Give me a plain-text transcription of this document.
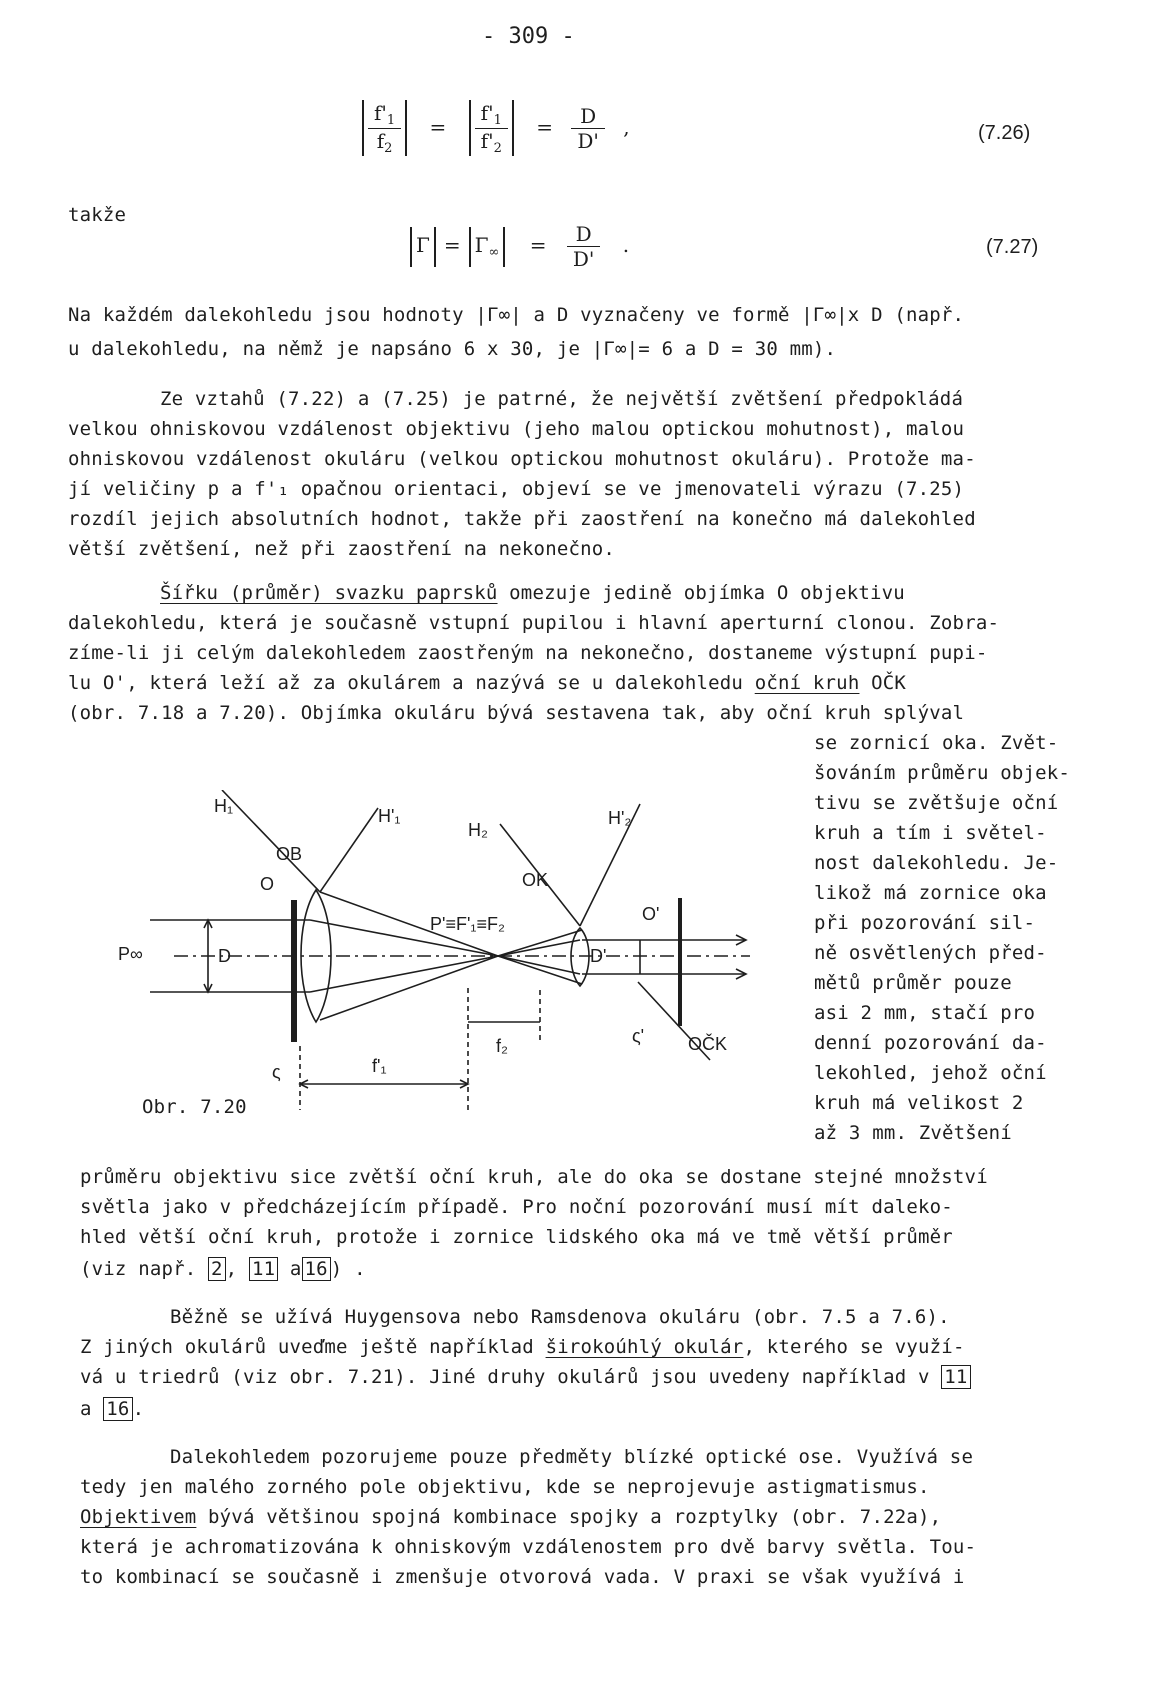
- 309 -
$\frac{f'_1}{f_2} = \frac{f'_1}{f'_2} = \frac{D}{D'}$ ,	(7.26)
takže
$\Gamma = \Gamma_\infty = \frac{D}{D'}$ .	(7.27)
Na každém dalekohledu jsou hodnoty |Γ∞| a D vyznačeny ve formě |Γ∞|x D (např.
u dalekohledu, na němž je napsáno 6 x 30, je |Γ∞|= 6 a D = 30 mm).
Ze vztahů (7.22) a (7.25) je patrné, že největší zvětšení předpokládá
velkou ohniskovou vzdálenost objektivu (jeho malou optickou mohutnost), malou
ohniskovou vzdálenost okuláru (velkou optickou mohutnost okuláru). Protože ma-
jí veličiny p a f'₁ opačnou orientaci, objeví se ve jmenovateli výrazu (7.25)
rozdíl jejich absolutních hodnot, takže při zaostření na konečno má dalekohled
větší zvětšení, než při zaostření na nekonečno.
Šířku (průměr) svazku paprsků omezuje jedině objímka O objektivu
dalekohledu, která je současně vstupní pupilou i hlavní aperturní clonou. Zobra-
zíme-li ji celým dalekohledem zaostřeným na nekonečno, dostaneme výstupní pupi-
lu O', která leží až za okulárem a nazývá se u dalekohledu oční kruh OČK
(obr. 7.18 a 7.20). Objímka okuláru bývá sestavena tak, aby oční kruh splýval
se zornicí oka. Zvět-
šováním průměru objek-
tivu se zvětšuje oční
kruh a tím i světel-
nost dalekohledu. Je-
likož má zornice oka
při pozorování sil-
ně osvětlených před-
mětů průměr pouze
asi 2 mm, stačí pro
denní pozorování da-
lekohled, jehož oční
kruh má velikost 2
až 3 mm. Zvětšení
H₁	H'₁
H₂
H'₂
OB
O	OK
O'
P∞	D	D'
P'≡F'₁≡F₂
f₂
f'₁
ς
ς' OČK
Obr. 7.20
průměru objektivu sice zvětší oční kruh, ale do oka se dostane stejné množství
světla jako v předcházejícím případě. Pro noční pozorování musí mít daleko-
hled větší oční kruh, protože i zornice lidského oka má ve tmě větší průměr
(viz např. 2 , 11 a 16 ) .
Běžně se užívá Huygensova nebo Ramsdenova okuláru (obr. 7.5 a 7.6).
Z jiných okulárů uveďme ještě například širokoúhlý okulár, kterého se využí-
vá u triedrů (viz obr. 7.21). Jiné druhy okulárů jsou uvedeny například v 11
a 16 .
Dalekohledem pozorujeme pouze předměty blízké optické ose. Využívá se
tedy jen malého zorného pole objektivu, kde se neprojevuje astigmatismus.
Objektivem bývá většinou spojná kombinace spojky a rozptylky (obr. 7.22a),
která je achromatizována k ohniskovým vzdálenostem pro dvě barvy světla. Tou-
to kombinací se současně i zmenšuje otvorová vada. V praxi se však využívá i
